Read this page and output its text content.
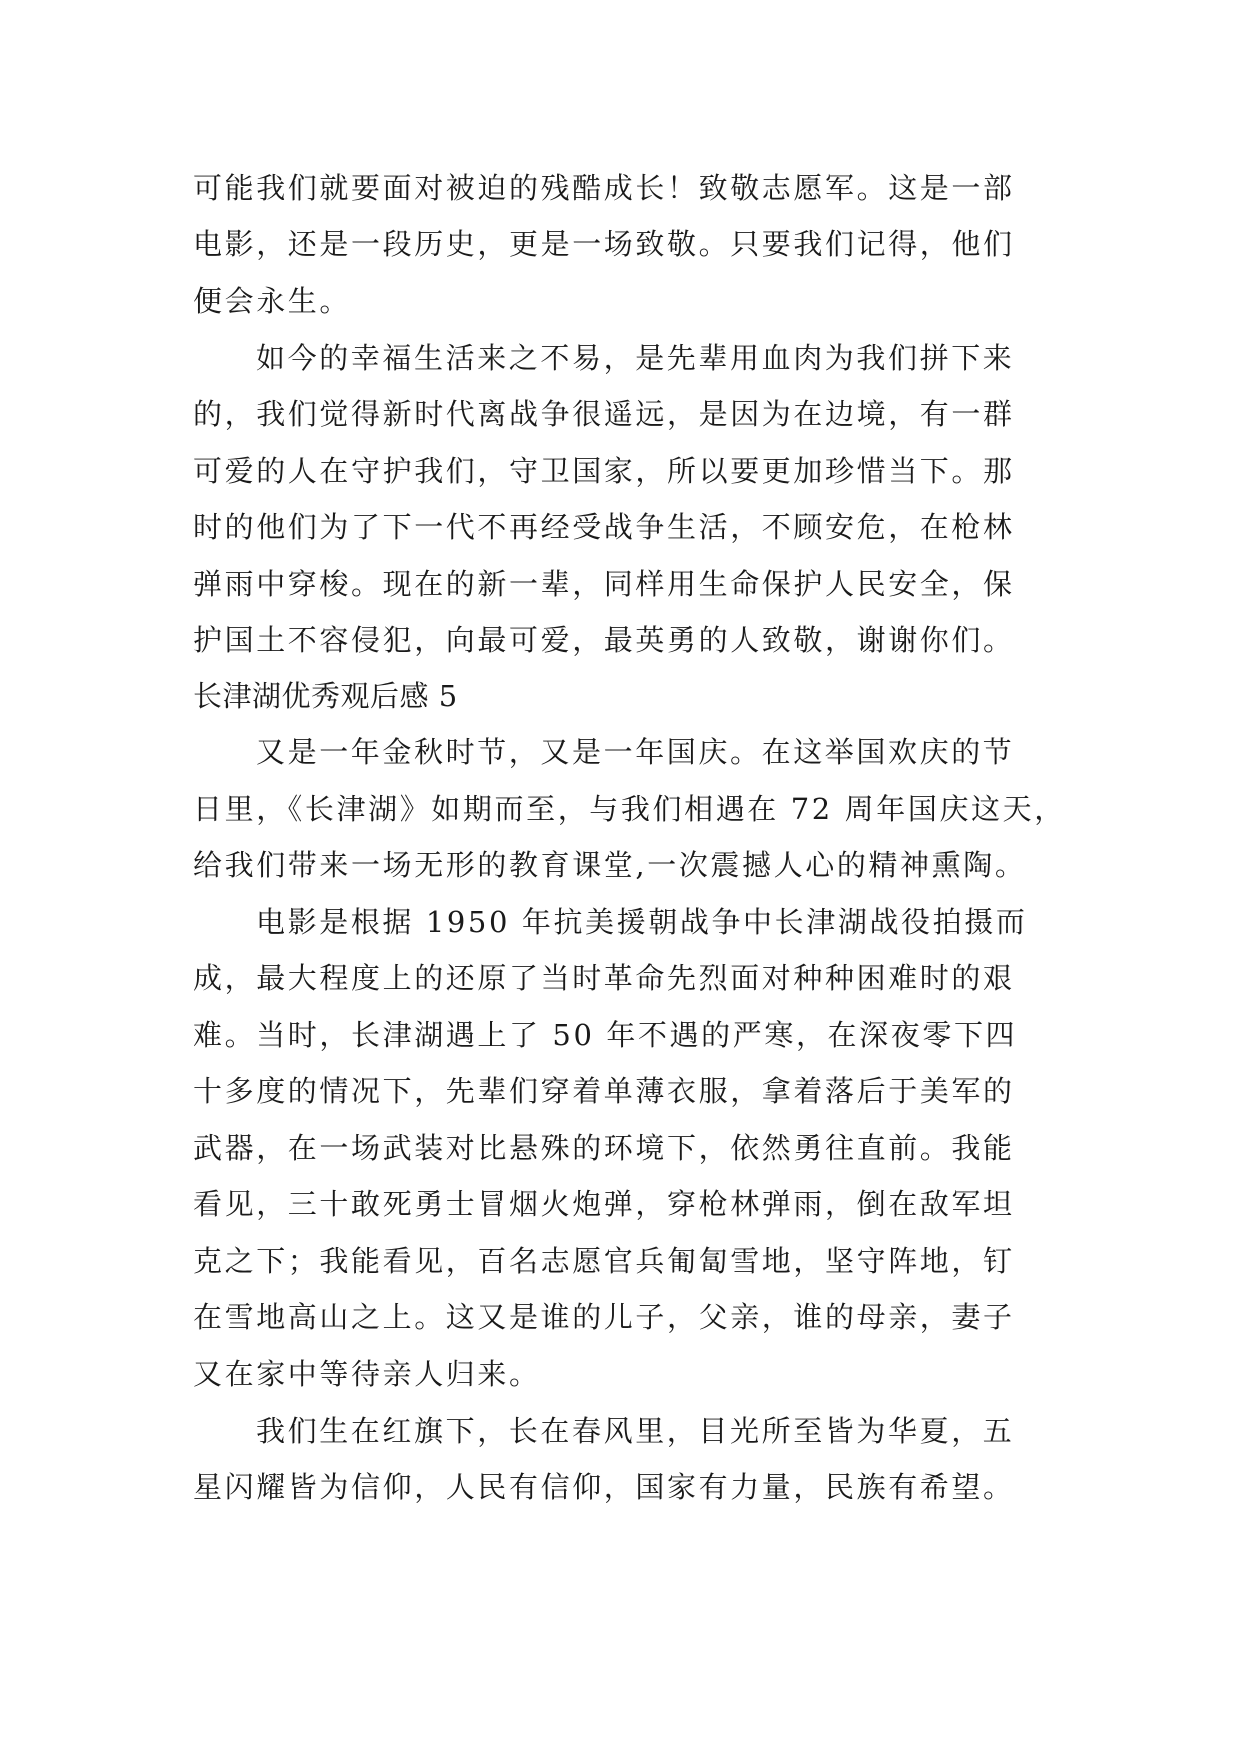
可能我们就要面对被迫的残酷成长！致敬志愿军。这是一部
电影，还是一段历史，更是一场致敬。只要我们记得，他们
便会永生。
如今的幸福生活来之不易，是先辈用血肉为我们拼下来
的，我们觉得新时代离战争很遥远，是因为在边境，有一群
可爱的人在守护我们，守卫国家，所以要更加珍惜当下。那
时的他们为了下一代不再经受战争生活，不顾安危，在枪林
弹雨中穿梭。现在的新一辈，同样用生命保护人民安全，保
护国土不容侵犯，向最可爱，最英勇的人致敬，谢谢你们。
长津湖优秀观后感 5
又是一年金秋时节，又是一年国庆。在这举国欢庆的节
日里，《长津湖》如期而至，与我们相遇在 72 周年国庆这天，
给我们带来一场无形的教育课堂,一次震撼人心的精神熏陶。
电影是根据 1950 年抗美援朝战争中长津湖战役拍摄而
成，最大程度上的还原了当时革命先烈面对种种困难时的艰
难。当时，长津湖遇上了 50 年不遇的严寒，在深夜零下四
十多度的情况下，先辈们穿着单薄衣服，拿着落后于美军的
武器，在一场武装对比悬殊的环境下，依然勇往直前。我能
看见，三十敢死勇士冒烟火炮弹，穿枪林弹雨，倒在敌军坦
克之下；我能看见，百名志愿官兵匍匐雪地，坚守阵地，钉
在雪地高山之上。这又是谁的儿子，父亲，谁的母亲，妻子
又在家中等待亲人归来。
我们生在红旗下，长在春风里，目光所至皆为华夏，五
星闪耀皆为信仰，人民有信仰，国家有力量，民族有希望。
